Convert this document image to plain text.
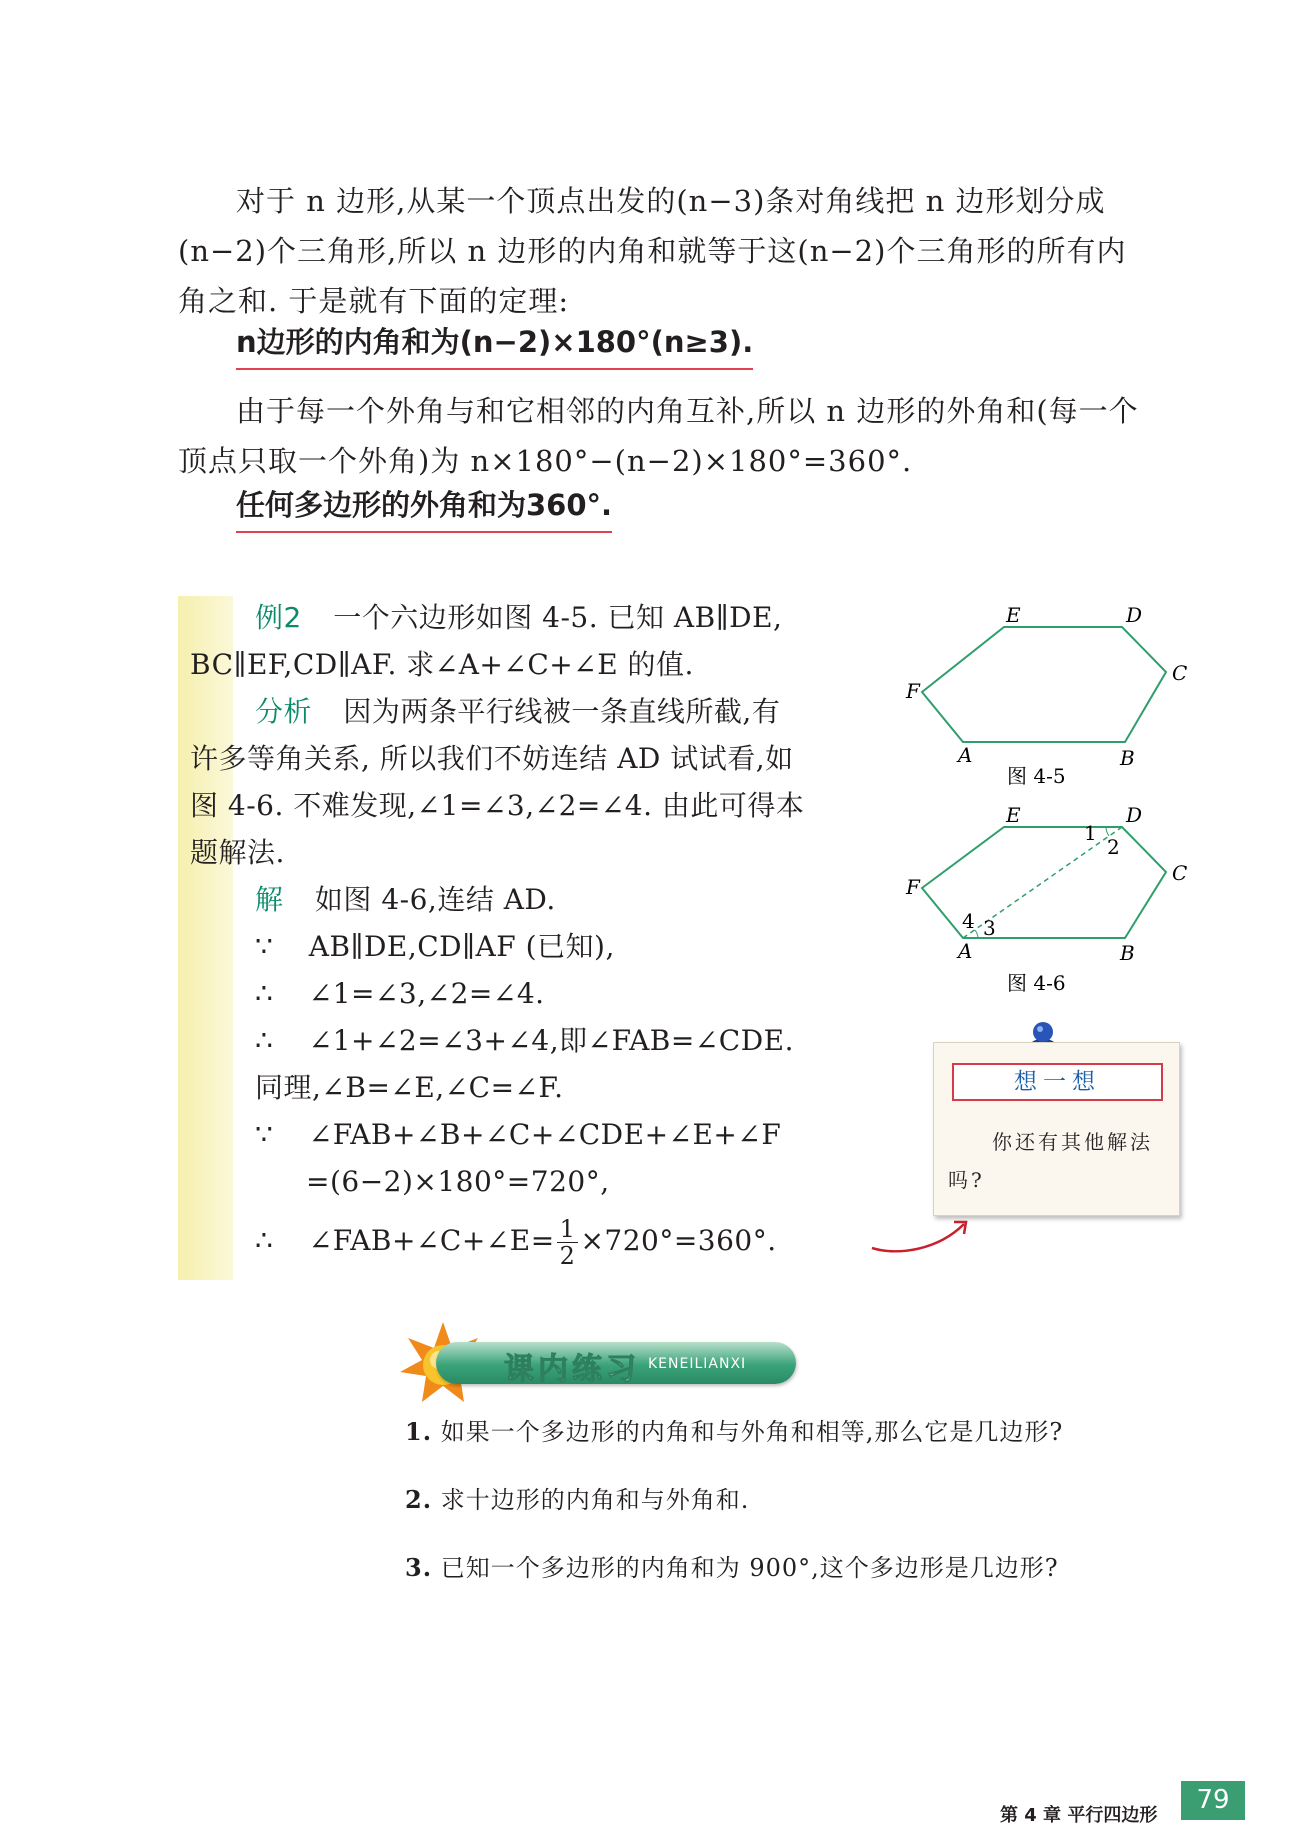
对于 n 边形,从某一个顶点出发的(n−3)条对角线把 n 边形划分成

(n−2)个三角形,所以 n 边形的内角和就等于这(n−2)个三角形的所有内

角之和. 于是就有下面的定理:

n边形的内角和为(n−2)×180°(n≥3).

由于每一个外角与和它相邻的内角互补,所以 n 边形的外角和(每一个

顶点只取一个外角)为 n×180°−(n−2)×180°=360°.

任何多边形的外角和为360°.
例2 一个六边形如图 4-5. 已知 AB∥DE,
BC∥EF,CD∥AF. 求∠A+∠C+∠E 的值.
分析 因为两条平行线被一条直线所截,有
许多等角关系, 所以我们不妨连结 AD 试试看,如
图 4-6. 不难发现,∠1=∠3,∠2=∠4. 由此可得本
题解法.
解 如图 4-6,连结 AD.
∵ AB∥DE,CD∥AF (已知),
∴ ∠1=∠3,∠2=∠4.
∴ ∠1+∠2=∠3+∠4,即∠FAB=∠CDE.
同理,∠B=∠E,∠C=∠F.
∵ ∠FAB+∠B+∠C+∠CDE+∠E+∠F
=(6−2)×180°=720°,
∴ ∠FAB+∠C+∠E= $\frac{1}{2} \times 720^\circ=360^\circ$.
E	D
C
B
A
F
图 4-5
1
2
3
4
E	D
C
B
A
F
图 4-6
想一想
你还有其他解法
吗?
课内练习 KENEILIANXI
1. 如果一个多边形的内角和与外角和相等,那么它是几边形?
2. 求十边形的内角和与外角和.
3. 已知一个多边形的内角和为 900°,这个多边形是几边形?
第 4 章 平行四边形
79
